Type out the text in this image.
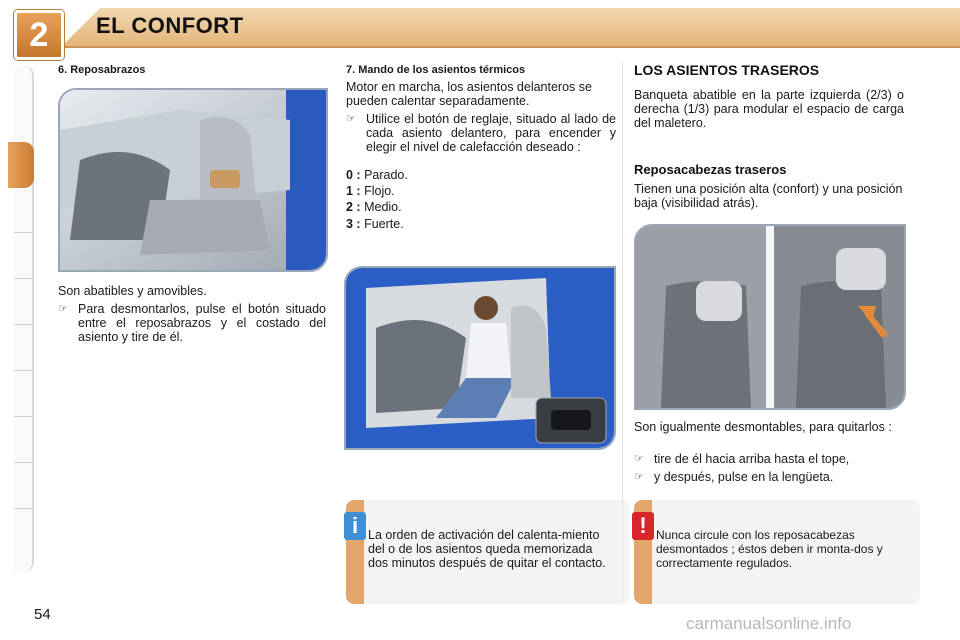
2	EL CONFORT
6. Reposabrazos
Son abatibles y amovibles.
☞ Para desmontarlos, pulse el botón situado entre el reposabrazos y el costado del asiento y tire de él.
7. Mando de los asientos térmicos
Motor en marcha, los asientos delanteros se pueden calentar separadamente.
☞ Utilice el botón de reglaje, situado al lado de cada asiento delantero, para encender y elegir el nivel de calefacción deseado :
0 : Parado.
1 : Flojo.
2 : Medio.
3 : Fuerte.
i La orden de activación del calenta-miento del o de los asientos queda memorizada dos minutos después de quitar el contacto.
LOS ASIENTOS TRASEROS
Banqueta abatible en la parte izquierda (2/3) o derecha (1/3) para modular el espacio de carga del maletero.
Reposacabezas traseros
Tienen una posición alta (confort) y una posición baja (visibilidad atrás).
Son igualmente desmontables, para quitarlos :
☞ tire de él hacia arriba hasta el tope,
☞ y después, pulse en la lengüeta.
! Nunca circule con los reposacabezas desmontados ; éstos deben ir monta-dos y correctamente regulados.
54	carmanualsonline.info
